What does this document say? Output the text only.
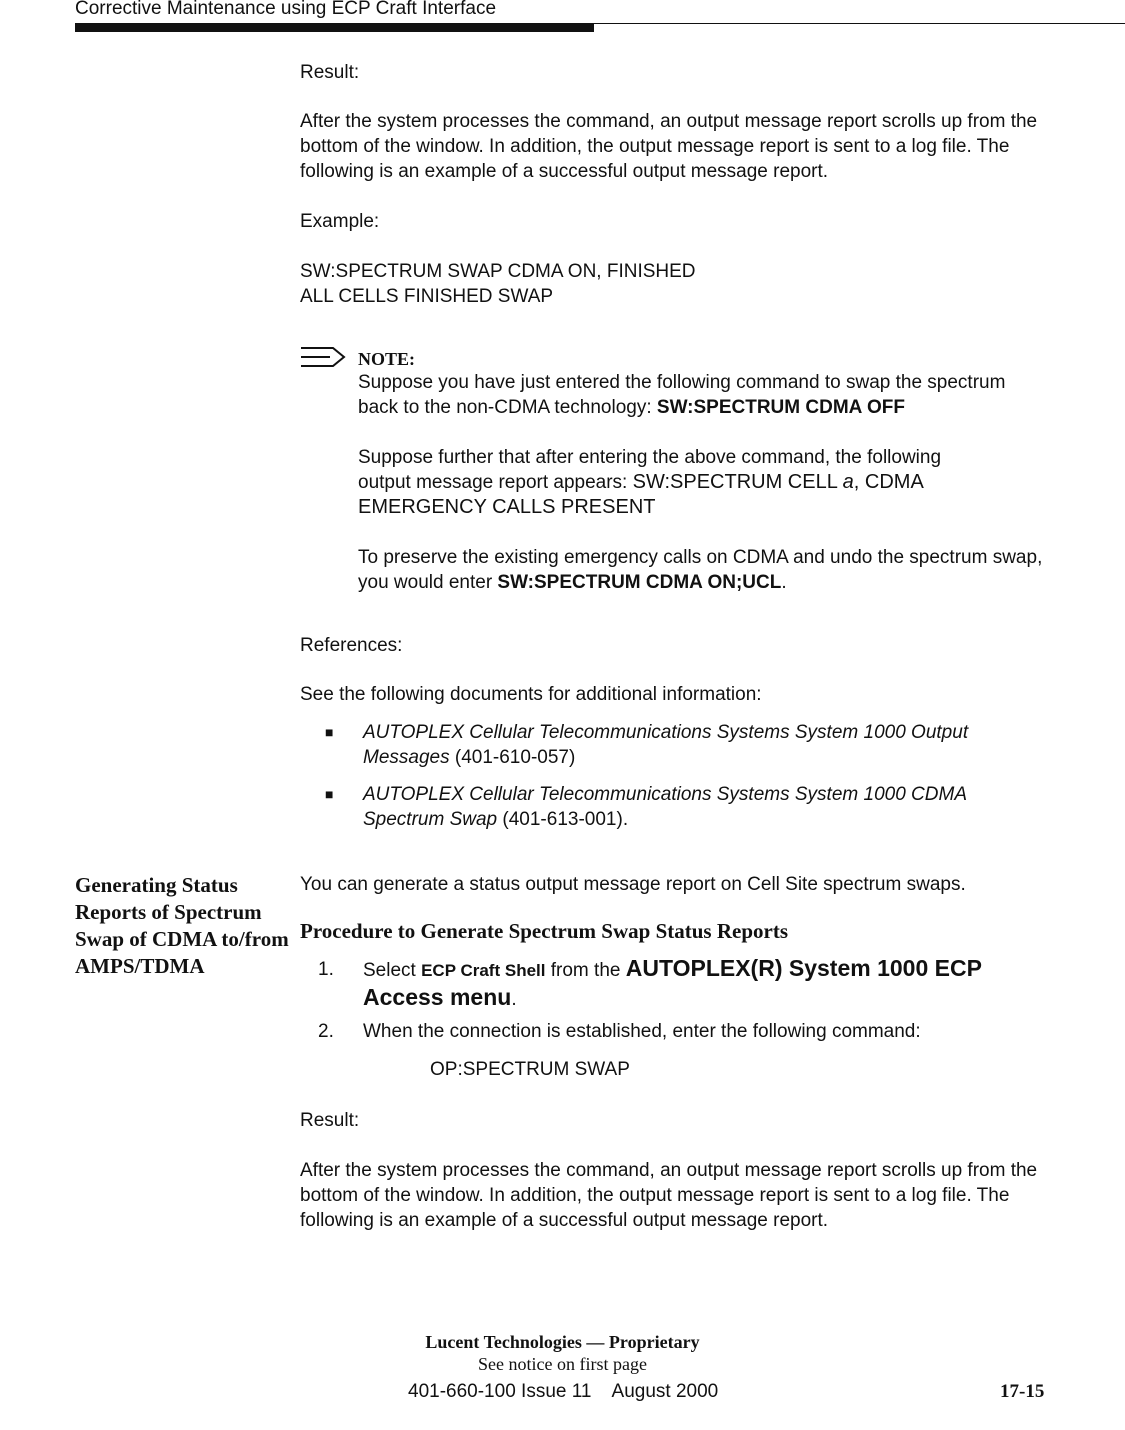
Corrective Maintenance using ECP Craft Interface

Result:

After the system processes the command, an output message report scrolls up from the bottom of the window. In addition, the output message report is sent to a log file. The following is an example of a successful output message report.

Example:

SW:SPECTRUM SWAP CDMA ON, FINISHED

ALL CELLS FINISHED SWAP

NOTE:

Suppose you have just entered the following command to swap the spectrum back to the non-CDMA technology: SW:SPECTRUM CDMA OFF

Suppose further that after entering the above command, the following output message report appears: SW:SPECTRUM CELL a, CDMA EMERGENCY CALLS PRESENT

To preserve the existing emergency calls on CDMA and undo the spectrum swap, you would enter SW:SPECTRUM CDMA ON;UCL.

References:

See the following documents for additional information:

■ AUTOPLEX Cellular Telecommunications Systems System 1000 Output Messages (401-610-057)
■ AUTOPLEX Cellular Telecommunications Systems System 1000 CDMA Spectrum Swap (401-613-001).
Generating Status Reports of Spectrum Swap of CDMA to/from AMPS/TDMA

You can generate a status output message report on Cell Site spectrum swaps.

Procedure to Generate Spectrum Swap Status Reports
1. Select ECP Craft Shell from the AUTOPLEX(R) System 1000 ECP Access menu.
2. When the connection is established, enter the following command:

OP:SPECTRUM SWAP

Result:

After the system processes the command, an output message report scrolls up from the bottom of the window. In addition, the output message report is sent to a log file. The following is an example of a successful output message report.

Lucent Technologies — Proprietary
See notice on first page
401-660-100 Issue 11    August 2000	17-15
